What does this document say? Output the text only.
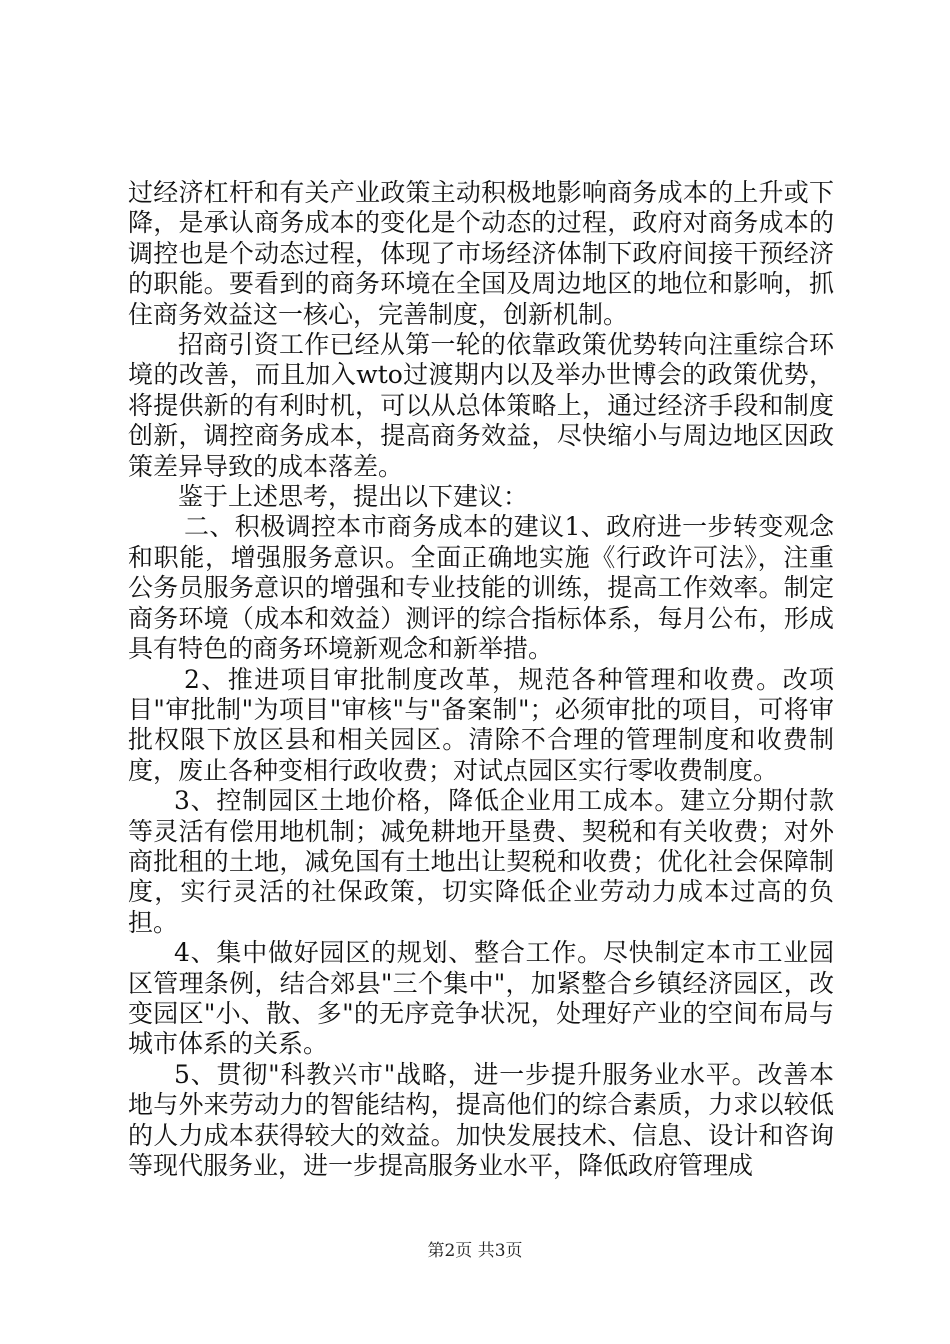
过经济杠杆和有关产业政策主动积极地影响商务成本的上升或下降，是承认商务成本的变化是个动态的过程，政府对商务成本的调控也是个动态过程，体现了市场经济体制下政府间接干预经济的职能。要看到的商务环境在全国及周边地区的地位和影响，抓住商务效益这一核心，完善制度，创新机制。

招商引资工作已经从第一轮的依靠政策优势转向注重综合环境的改善，而且加入wto过渡期内以及举办世博会的政策优势，将提供新的有利时机，可以从总体策略上，通过经济手段和制度创新，调控商务成本，提高商务效益，尽快缩小与周边地区因政策差异导致的成本落差。

鉴于上述思考，提出以下建议：

二、积极调控本市商务成本的建议1、政府进一步转变观念和职能，增强服务意识。全面正确地实施《行政许可法》，注重公务员服务意识的增强和专业技能的训练，提高工作效率。制定商务环境（成本和效益）测评的综合指标体系，每月公布，形成具有特色的商务环境新观念和新举措。

2、推进项目审批制度改革，规范各种管理和收费。改项目"审批制"为项目"审核"与"备案制"；必须审批的项目，可将审批权限下放区县和相关园区。清除不合理的管理制度和收费制度，废止各种变相行政收费；对试点园区实行零收费制度。

3、控制园区土地价格，降低企业用工成本。建立分期付款等灵活有偿用地机制；减免耕地开垦费、契税和有关收费；对外商批租的土地，减免国有土地出让契税和收费；优化社会保障制度，实行灵活的社保政策，切实降低企业劳动力成本过高的负担。

4、集中做好园区的规划、整合工作。尽快制定本市工业园区管理条例，结合郊县"三个集中"，加紧整合乡镇经济园区，改变园区"小、散、多"的无序竞争状况，处理好产业的空间布局与城市体系的关系。

5、贯彻"科教兴市"战略，进一步提升服务业水平。改善本地与外来劳动力的智能结构，提高他们的综合素质，力求以较低的人力成本获得较大的效益。加快发展技术、信息、设计和咨询等现代服务业，进一步提高服务业水平，降低政府管理成

第2页 共3页
